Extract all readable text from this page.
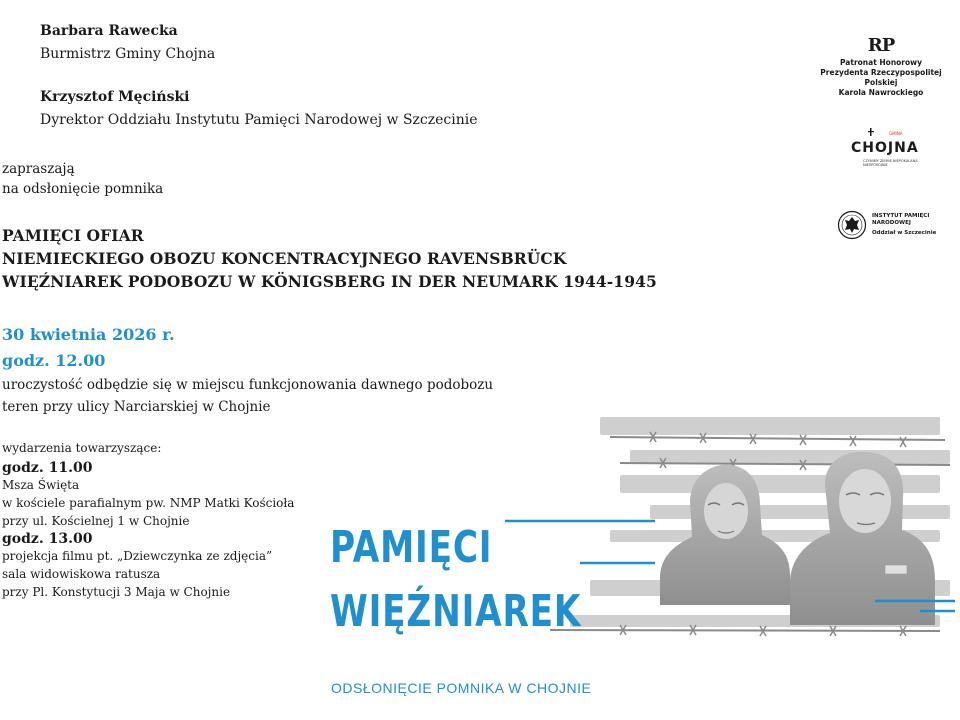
Barbara Rawecka
Burmistrz Gminy Chojna
Krzysztof Męciński
Dyrektor Oddziału Instytutu Pamięci Narodowej w Szczecinie
zapraszają
na odsłonięcie pomnika
PAMIĘCI OFIAR
NIEMIECKIEGO OBOZU KONCENTRACYJNEGO RAVENSBRÜCK
WIĘŹNIAREK PODOBOZU W KÖNIGSBERG IN DER NEUMARK 1944-1945
30 kwietnia 2026 r.
godz. 12.00
uroczystość odbędzie się w miejscu funkcjonowania dawnego podobozu
teren przy ulicy Narciarskiej w Chojnie
wydarzenia towarzyszące:
godz. 11.00
Msza Święta
w kościele parafialnym pw. NMP Matki Kościoła
przy ul. Kościelnej 1 w Chojnie
godz. 13.00
projekcja filmu pt. „Dziewczynka ze zdjęcia”
sala widowiskowa ratusza
przy Pl. Konstytucji 3 Maja w Chojnie
RP
Patronat Honorowy
Prezydenta Rzeczypospolitej Polskiej
Karola Nawrockiego
GMINA
CHOJNA
CZYNIMY ZIEMIE NIEPOKALANA NIESPOKOJNIE
INSTYTUT PAMIĘCI
NARODOWEJ
Oddział w Szczecinie
PAMIĘCI
WIĘŹNIAREK
ODSŁONIĘCIE POMNIKA W CHOJNIE
